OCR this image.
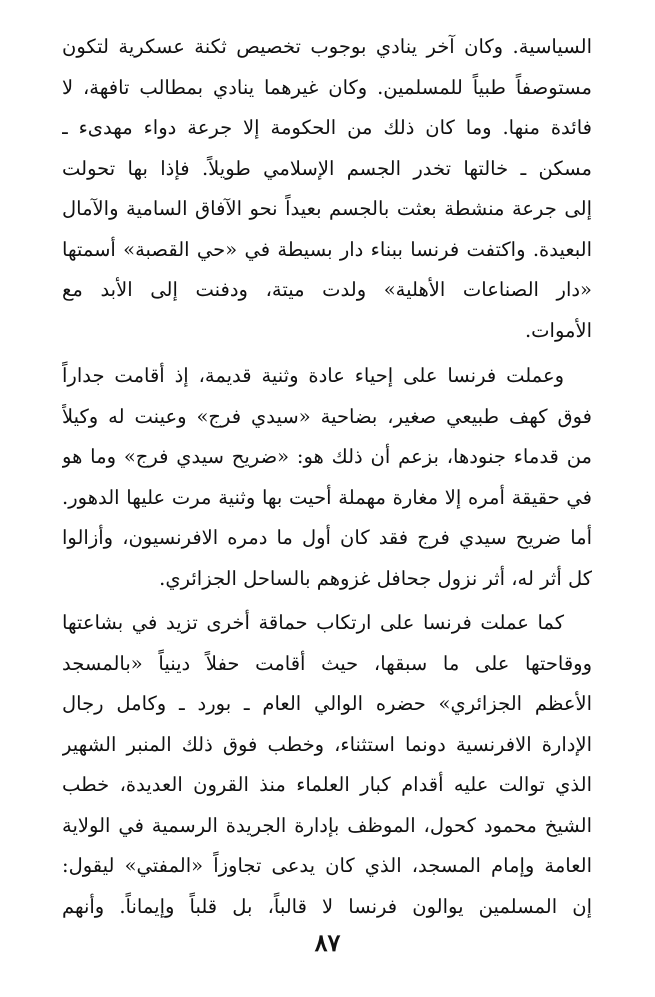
السياسية. وكان آخر ينادي بوجوب تخصيص ثكنة عسكرية لتكون
مستوصفاً طبياً للمسلمين. وكان غيرهما ينادي بمطالب تافهة، لا
فائدة منها. وما كان ذلك من الحكومة إلا جرعة دواء مهدىء ـ
مسكن ـ خالتها تخدر الجسم الإسلامي طويلاً. فإذا بها تحولت
إلى جرعة منشطة بعثت بالجسم بعيداً نحو الآفاق السامية والآمال
البعيدة. واكتفت فرنسا ببناء دار بسيطة في «حي القصبة» أسمتها
«دار الصناعات الأهلية» ولدت ميتة، ودفنت إلى الأبد مع
الأموات.
وعملت فرنسا على إحياء عادة وثنية قديمة، إذ أقامت جداراً
فوق كهف طبيعي صغير، بضاحية «سيدي فرج» وعينت له وكيلاً
من قدماء جنودها، بزعم أن ذلك هو: «ضريح سيدي فرج» وما هو
في حقيقة أمره إلا مغارة مهملة أحيت بها وثنية مرت عليها الدهور.
أما ضريح سيدي فرج فقد كان أول ما دمره الافرنسيون، وأزالوا
كل أثر له، أثر نزول جحافل غزوهم بالساحل الجزائري.
كما عملت فرنسا على ارتكاب حماقة أخرى تزيد في بشاعتها
ووقاحتها على ما سبقها، حيث أقامت حفلاً دينياً «بالمسجد
الأعظم الجزائري» حضره الوالي العام ـ بورد ـ وكامل رجال
الإدارة الافرنسية دونما استثناء، وخطب فوق ذلك المنبر الشهير
الذي توالت عليه أقدام كبار العلماء منذ القرون العديدة، خطب
الشيخ محمود كحول، الموظف بإدارة الجريدة الرسمية في الولاية
العامة وإمام المسجد، الذي كان يدعى تجاوزاً «المفتي» ليقول:
إن المسلمين يوالون فرنسا لا قالباً، بل قلباً وإيماناً. وأنهم
٨٧
